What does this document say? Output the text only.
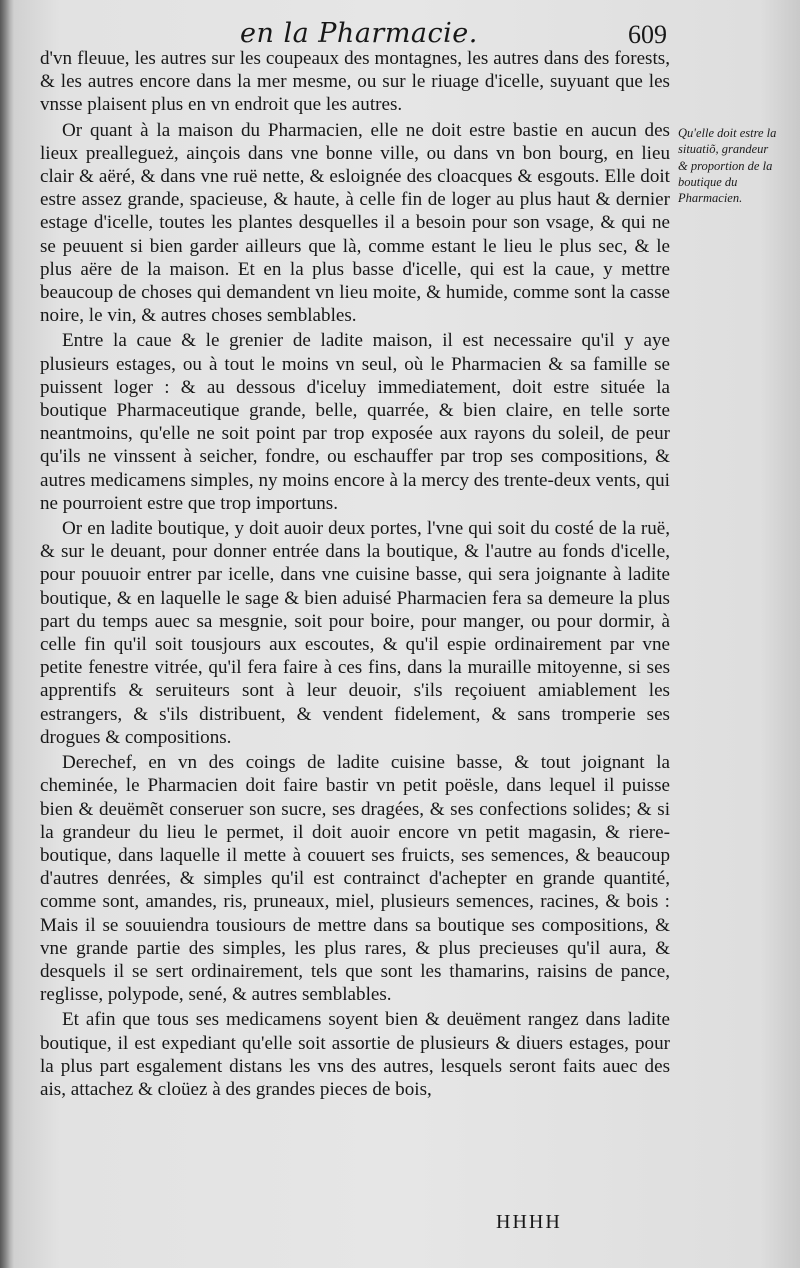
en la Pharmacie.	609

d'vn fleuue, les autres sur les coupeaux des montagnes, les autres dans des forests, & les autres encore dans la mer mesme, ou sur le riuage d'icelle, suyuant que les vnsse plaisent plus en vn endroit que les autres.

Or quant à la maison du Pharmacien, elle ne doit estre bastie en aucun des lieux preallegueż, ainçois dans vne bonne ville, ou dans vn bon bourg, en lieu clair & aëré, & dans vne ruë nette, & esloignée des cloacques & esgouts. Elle doit estre assez grande, spacieuse, & haute, à celle fin de loger au plus haut & dernier estage d'icelle, toutes les plantes desquelles il a besoin pour son vsage, & qui ne se peuuent si bien garder ailleurs que là, comme estant le lieu le plus sec, & le plus aëre de la maison. Et en la plus basse d'icelle, qui est la caue, y mettre beaucoup de choses qui demandent vn lieu moite, & humide, comme sont la casse noire, le vin, & autres choses semblables.

Entre la caue & le grenier de ladite maison, il est necessaire qu'il y aye plusieurs estages, ou à tout le moins vn seul, où le Pharmacien & sa famille se puissent loger : & au dessous d'iceluy immediatement, doit estre située la boutique Pharmaceutique grande, belle, quarrée, & bien claire, en telle sorte neantmoins, qu'elle ne soit point par trop exposée aux rayons du soleil, de peur qu'ils ne vinssent à seicher, fondre, ou eschauffer par trop ses compositions, & autres medicamens simples, ny moins encore à la mercy des trente-deux vents, qui ne pourroient estre que trop importuns.

Or en ladite boutique, y doit auoir deux portes, l'vne qui soit du costé de la ruë, & sur le deuant, pour donner entrée dans la boutique, & l'autre au fonds d'icelle, pour pouuoir entrer par icelle, dans vne cuisine basse, qui sera joignante à ladite boutique, & en laquelle le sage & bien aduisé Pharmacien fera sa demeure la plus part du temps auec sa mesgnie, soit pour boire, pour manger, ou pour dormir, à celle fin qu'il soit tousjours aux escoutes, & qu'il espie ordinairement par vne petite fenestre vitrée, qu'il fera faire à ces fins, dans la muraille mitoyenne, si ses apprentifs & seruiteurs sont à leur deuoir, s'ils reçoiuent amiablement les estrangers, & s'ils distribuent, & vendent fidelement, & sans tromperie ses drogues & compositions.

Derechef, en vn des coings de ladite cuisine basse, & tout joignant la cheminée, le Pharmacien doit faire bastir vn petit poësle, dans lequel il puisse bien & deuëmẽt conseruer son sucre, ses dragées, & ses confections solides; & si la grandeur du lieu le permet, il doit auoir encore vn petit magasin, & riere-boutique, dans laquelle il mette à couuert ses fruicts, ses semences, & beaucoup d'autres denrées, & simples qu'il est contrainct d'achepter en grande quantité, comme sont, amandes, ris, pruneaux, miel, plusieurs semences, racines, & bois : Mais il se souuiendra tousiours de mettre dans sa boutique ses compositions, & vne grande partie des simples, les plus rares, & plus precieuses qu'il aura, & desquels il se sert ordinairement, tels que sont les thamarins, raisins de pance, reglisse, polypode, sené, & autres semblables.

Et afin que tous ses medicamens soyent bien & deuëment rangez dans ladite boutique, il est expediant qu'elle soit assortie de plusieurs & diuers estages, pour la plus part esgalement distans les vns des autres, lesquels seront faits auec des ais, attachez & cloüez à des grandes pieces de bois,

Qu'elle doit estre la situatiõ, grandeur & proportion de la boutique du Pharmacien.
HHHH
